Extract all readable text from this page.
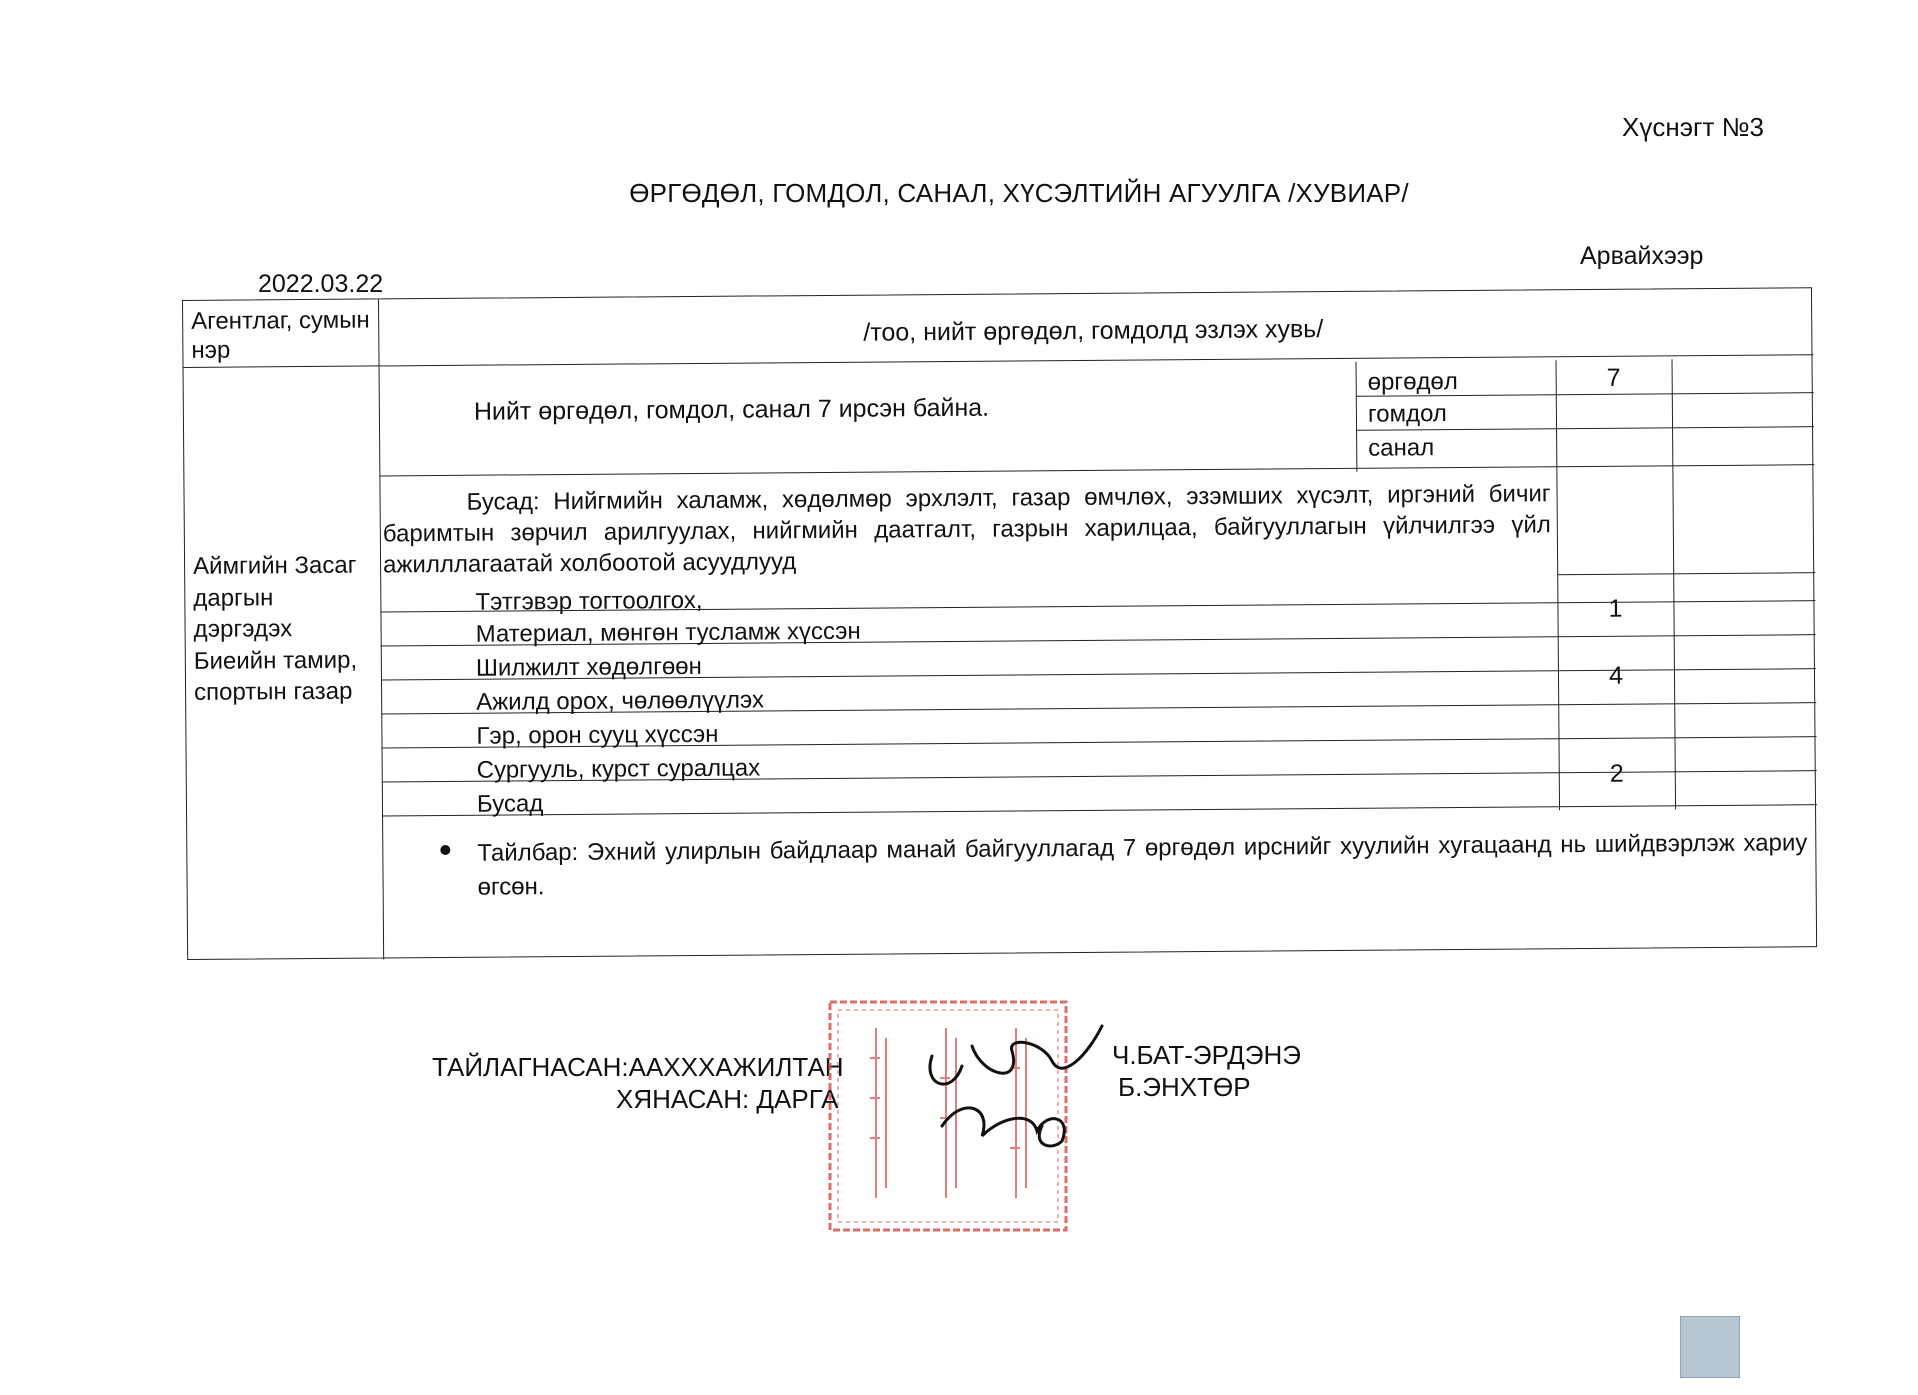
Хүснэгт №3
ӨРГӨДӨЛ, ГОМДОЛ, САНАЛ, ХҮСЭЛТИЙН АГУУЛГА /ХУВИАР/
Арвайхээр
2022.03.22
Агентлаг, сумын нэр
/тоо, нийт өргөдөл, гомдолд эзлэх хувь/
Аймгийн Засаг даргын дэргэдэх Биеийн тамир, спортын газар
Нийт өргөдөл, гомдол, санал 7 ирсэн байна.
өргөдөл	7
гомдол
санал
Бусад: Нийгмийн халамж, хөдөлмөр эрхлэлт, газар өмчлөх, эзэмших хүсэлт, иргэний бичиг баримтын зөрчил арилгуулах, нийгмийн даатгалт, газрын харилцаа, байгууллагын үйлчилгээ үйл ажилллагаатай холбоотой асуудлууд
Тэтгэвэр тогтоолгох,
Материал, мөнгөн тусламж хүссэн
1
Шилжилт хөдөлгөөн
Ажилд орох, чөлөөлүүлэх
4
Гэр, орон сууц хүссэн
Сургууль, курст суралцах
Бусад
2
Тайлбар: Эхний улирлын байдлаар манай байгууллагад 7 өргөдөл ирснийг хуулийн хугацаанд нь шийдвэрлэж хариу өгсөн.
ТАЙЛАГНАСАН:ААХХХАЖИЛТАН
ХЯНАСАН: ДАРГА
Ч.БАТ-ЭРДЭНЭ
Б.ЭНХТӨР
